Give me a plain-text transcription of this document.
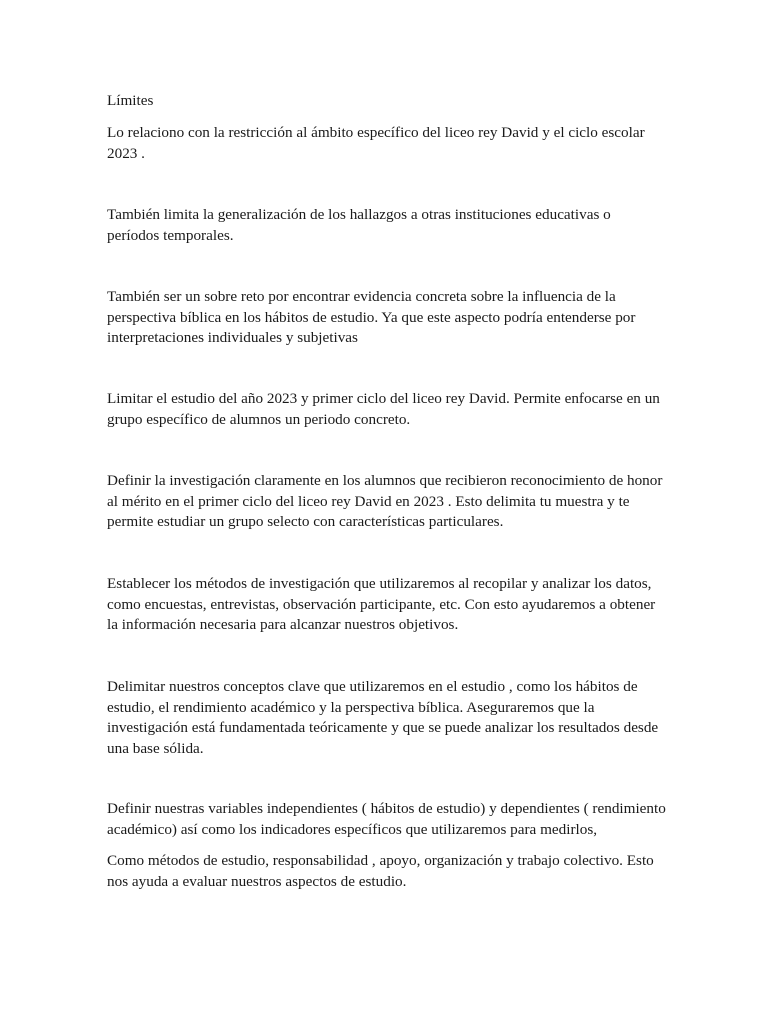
Límites

Lo relaciono con la restricción al ámbito específico del liceo rey David y el ciclo escolar
2023 .

También limita la generalización de los hallazgos a otras instituciones educativas o
períodos temporales.

También ser un sobre reto por encontrar evidencia concreta sobre la influencia de la
perspectiva bíblica en los hábitos de estudio. Ya que este aspecto podría entenderse por
interpretaciones individuales y subjetivas

Limitar el estudio del año 2023 y primer ciclo del liceo rey David. Permite enfocarse en un
grupo específico de alumnos un periodo concreto.

Definir la investigación claramente en los alumnos que recibieron reconocimiento de honor
al mérito en el primer ciclo del liceo rey David en 2023 . Esto delimita tu muestra y te
permite estudiar un grupo selecto con características particulares.

Establecer los métodos de investigación que utilizaremos al recopilar y analizar los datos,
como encuestas, entrevistas, observación participante, etc. Con esto ayudaremos a obtener
la información necesaria para alcanzar nuestros objetivos.

Delimitar nuestros conceptos clave que utilizaremos en el estudio , como los hábitos de
estudio, el rendimiento académico y la perspectiva bíblica. Aseguraremos que la
investigación está fundamentada teóricamente y que se puede analizar los resultados desde
una base sólida.

Definir nuestras variables independientes ( hábitos de estudio) y dependientes ( rendimiento
académico) así como los indicadores específicos que utilizaremos para medirlos,

Como métodos de estudio, responsabilidad , apoyo, organización y trabajo colectivo. Esto
nos ayuda a evaluar nuestros aspectos de estudio.
